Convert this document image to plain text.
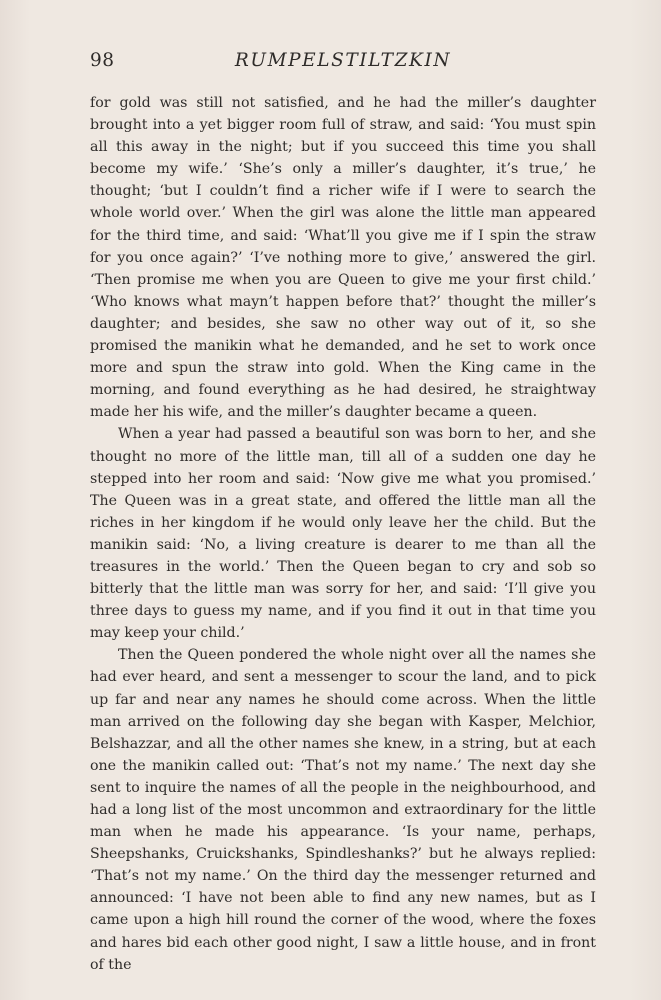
98	RUMPELSTILTZKIN

for gold was still not satisfied, and he had the miller’s daughter brought into a yet bigger room full of straw, and said: ‘You must spin all this away in the night; but if you succeed this time you shall become my wife.’ ‘She’s only a miller’s daughter, it’s true,’ he thought; ‘but I couldn’t find a richer wife if I were to search the whole world over.’ When the girl was alone the little man appeared for the third time, and said: ‘What’ll you give me if I spin the straw for you once again?’ ‘I’ve nothing more to give,’ answered the girl. ‘Then promise me when you are Queen to give me your first child.’ ‘Who knows what mayn’t happen before that?’ thought the miller’s daughter; and besides, she saw no other way out of it, so she promised the manikin what he demanded, and he set to work once more and spun the straw into gold. When the King came in the morning, and found everything as he had desired, he straightway made her his wife, and the miller’s daughter became a queen.

When a year had passed a beautiful son was born to her, and she thought no more of the little man, till all of a sudden one day he stepped into her room and said: ‘Now give me what you promised.’ The Queen was in a great state, and offered the little man all the riches in her kingdom if he would only leave her the child. But the manikin said: ‘No, a living creature is dearer to me than all the treasures in the world.’ Then the Queen began to cry and sob so bitterly that the little man was sorry for her, and said: ‘I’ll give you three days to guess my name, and if you find it out in that time you may keep your child.’

Then the Queen pondered the whole night over all the names she had ever heard, and sent a messenger to scour the land, and to pick up far and near any names he should come across. When the little man arrived on the following day she began with Kasper, Melchior, Belshazzar, and all the other names she knew, in a string, but at each one the manikin called out: ‘That’s not my name.’ The next day she sent to inquire the names of all the people in the neighbourhood, and had a long list of the most uncommon and extraordinary for the little man when he made his appearance. ‘Is your name, perhaps, Sheepshanks, Cruickshanks, Spindleshanks?’ but he always replied: ‘That’s not my name.’ On the third day the messenger returned and announced: ‘I have not been able to find any new names, but as I came upon a high hill round the corner of the wood, where the foxes and hares bid each other good night, I saw a little house, and in front of the
